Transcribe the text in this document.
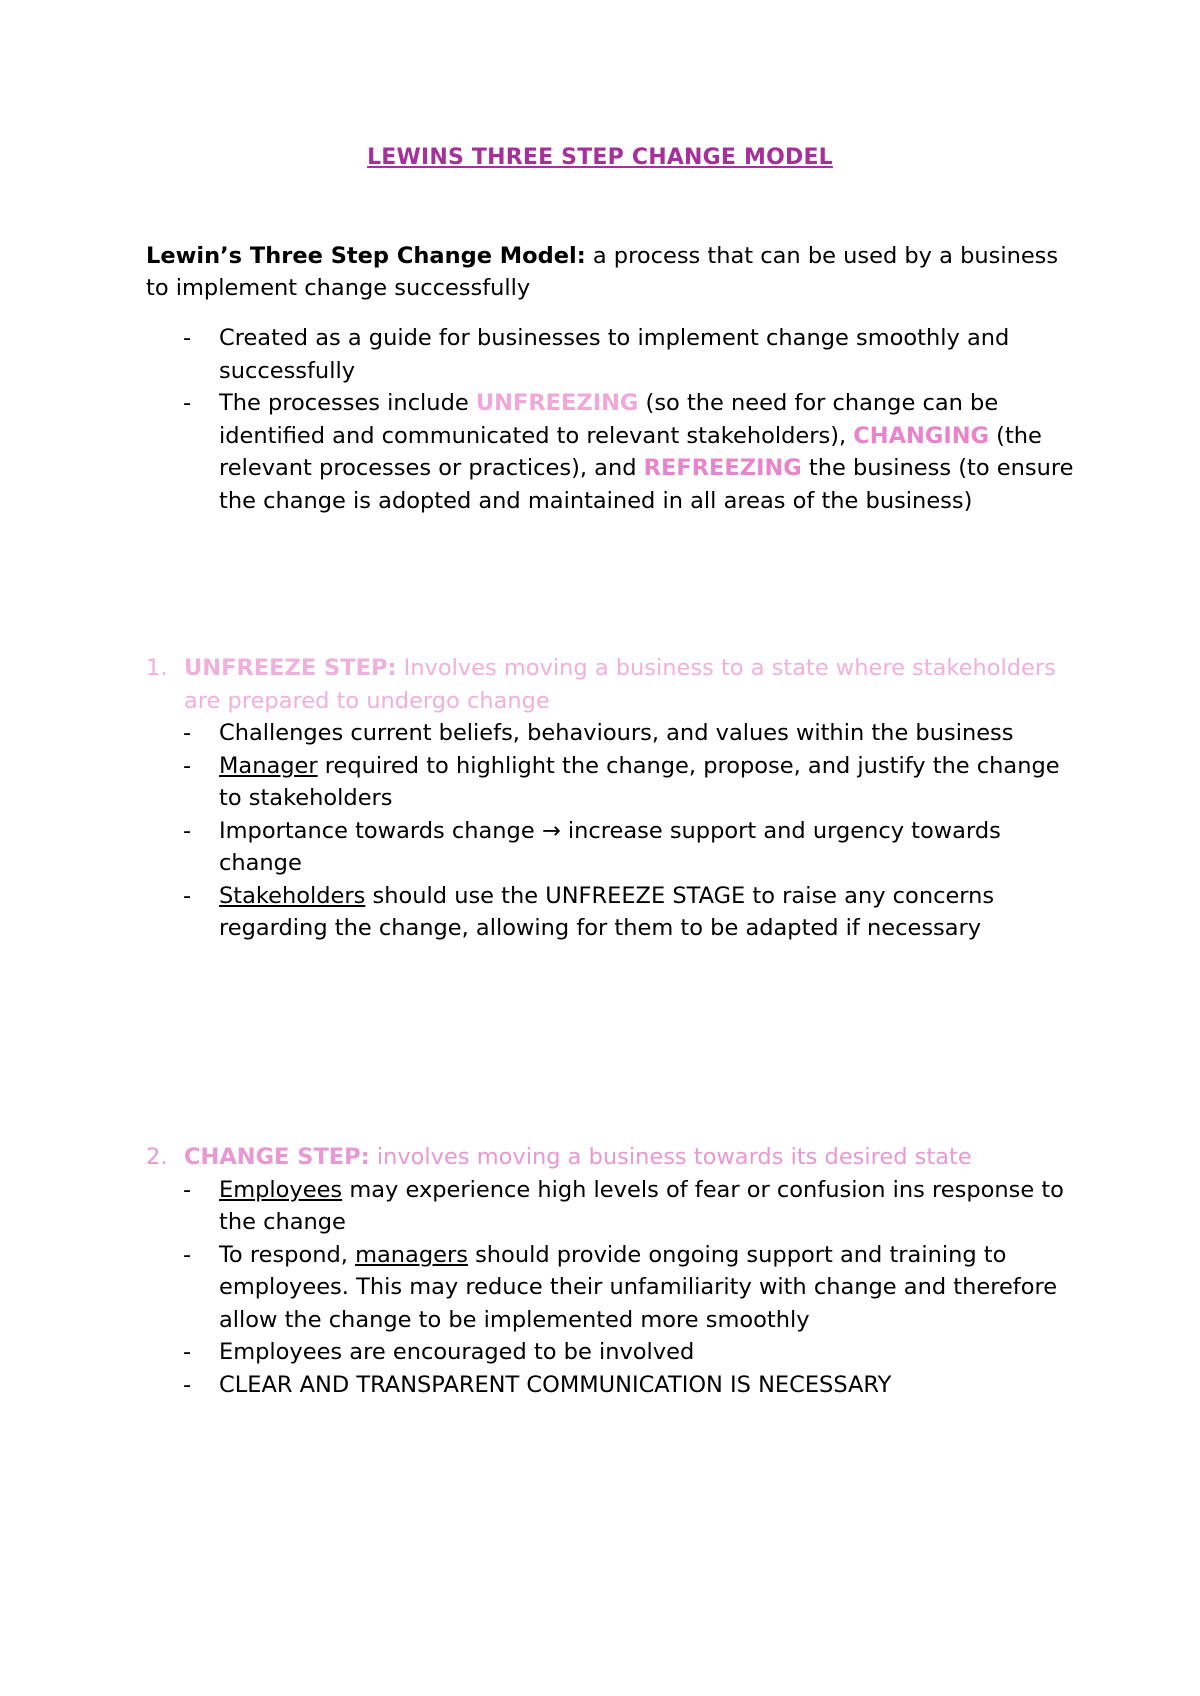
LEWINS THREE STEP CHANGE MODEL
Lewin’s Three Step Change Model: a process that can be used by a business to implement change successfully
- Created as a guide for businesses to implement change smoothly and successfully
- The processes include UNFREEZING (so the need for change can be identified and communicated to relevant stakeholders), CHANGING (the relevant processes or practices), and REFREEZING the business (to ensure the change is adopted and maintained in all areas of the business)
1. UNFREEZE STEP: Involves moving a business to a state where stakeholders are prepared to undergo change
- Challenges current beliefs, behaviours, and values within the business
- Manager required to highlight the change, propose, and justify the change to stakeholders
- Importance towards change → increase support and urgency towards change
- Stakeholders should use the UNFREEZE STAGE to raise any concerns regarding the change, allowing for them to be adapted if necessary
2. CHANGE STEP: involves moving a business towards its desired state
- Employees may experience high levels of fear or confusion ins response to the change
- To respond, managers should provide ongoing support and training to employees. This may reduce their unfamiliarity with change and therefore allow the change to be implemented more smoothly
- Employees are encouraged to be involved
- CLEAR AND TRANSPARENT COMMUNICATION IS NECESSARY
